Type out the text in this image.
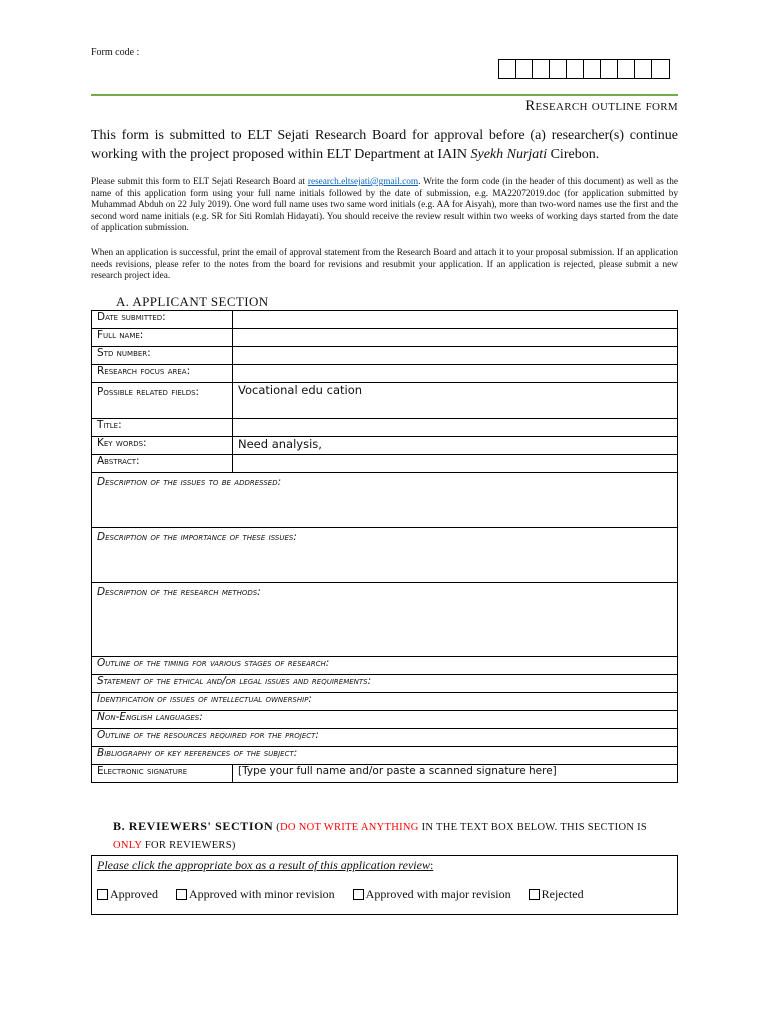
Form code :
Research outline form
This form is submitted to ELT Sejati Research Board for approval before (a) researcher(s) continue working with the project proposed within ELT Department at IAIN Syekh Nurjati Cirebon.
Please submit this form to ELT Sejati Research Board at research.eltsejati@gmail.com. Write the form code (in the header of this document) as well as the name of this application form using your full name initials followed by the date of submission, e.g. MA22072019.doc (for application submitted by Muhammad Abduh on 22 July 2019). One word full name uses two same word initials (e.g. AA for Aisyah), more than two-word names use the first and the second word name initials (e.g. SR for Siti Romlah Hidayati). You should receive the review result within two weeks of working days started from the date of application submission.
When an application is successful, print the email of approval statement from the Research Board and attach it to your proposal submission. If an application needs revisions, please refer to the notes from the board for revisions and resubmit your application. If an application is rejected, please submit a new research project idea.
A. APPLICANT SECTION
Date submitted:	
Full name:	
Std number:	
Research focus area:	
Possible related fields:	Vocational edu cation
Title:	
Key words:	Need analysis,
Abstract:	
Description of the issues to be addressed:	
Description of the importance of these issues:	
Description of the research methods:	
Outline of the timing for various stages of research:	
Statement of the ethical and/or legal issues and requirements:	
Identification of issues of intellectual ownership:	
Non-English languages:	
Outline of the resources required for the project:	
Bibliography of key references of the subject:	
Electronic signature	[Type your full name and/or paste a scanned signature here]
B. REVIEWERS' SECTION (DO NOT WRITE ANYTHING IN THE TEXT BOX BELOW. THIS SECTION IS
ONLY FOR REVIEWERS)
Please click the appropriate box as a result of this application review:
Approved	Approved with minor revision	Approved with major revision	Rejected
